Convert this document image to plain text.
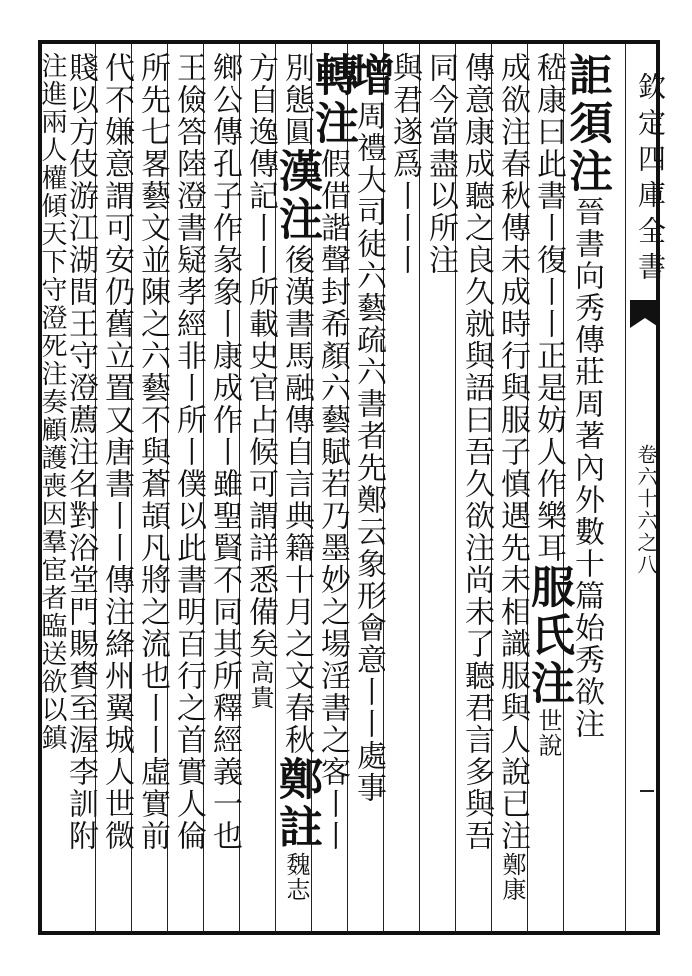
欽定四庫全書
卷六十六之八
詎須注晉書向秀傳莊周著內外數十篇始秀欲注
嵇康曰此書丨復丨丨正是妨人作樂耳服氏注世說
成欲注春秋傳未成時行與服子慎遇先未相識服與人說已注鄭康
傳意康成聽之良久就與語曰吾久欲注尚未了聽君言多與吾
同今當盡以所注
與君遂爲丨丨丨
增周禮大司徒六藝疏六書者先鄭云象形會意丨丨處事
轉注假借諧聲封希顏六藝賦若乃墨妙之場淫書之客丨丨
別態圓漢注後漢書馬融傳自言典籍十月之文春秋鄭註魏志
方自逸傳記丨丨所載史官占候可謂詳悉備矣高貴
鄉公傳孔子作彖象丨康成作丨雖聖賢不同其所釋經義一也
王儉答陸澄書疑孝經非丨所丨僕以此書明百行之首實人倫
所先七畧藝文並陳之六藝不與蒼頡凡將之流也丨丨虛實前
代不嫌意謂可安仍舊立置又唐書丨丨傳注絳州翼城人世微
賤以方伎游江湖間王守澄薦注名對浴堂門賜賚至渥李訓附
注進兩人權傾天下守澄死注奏顧護喪因羣宦者臨送欲以鎮
